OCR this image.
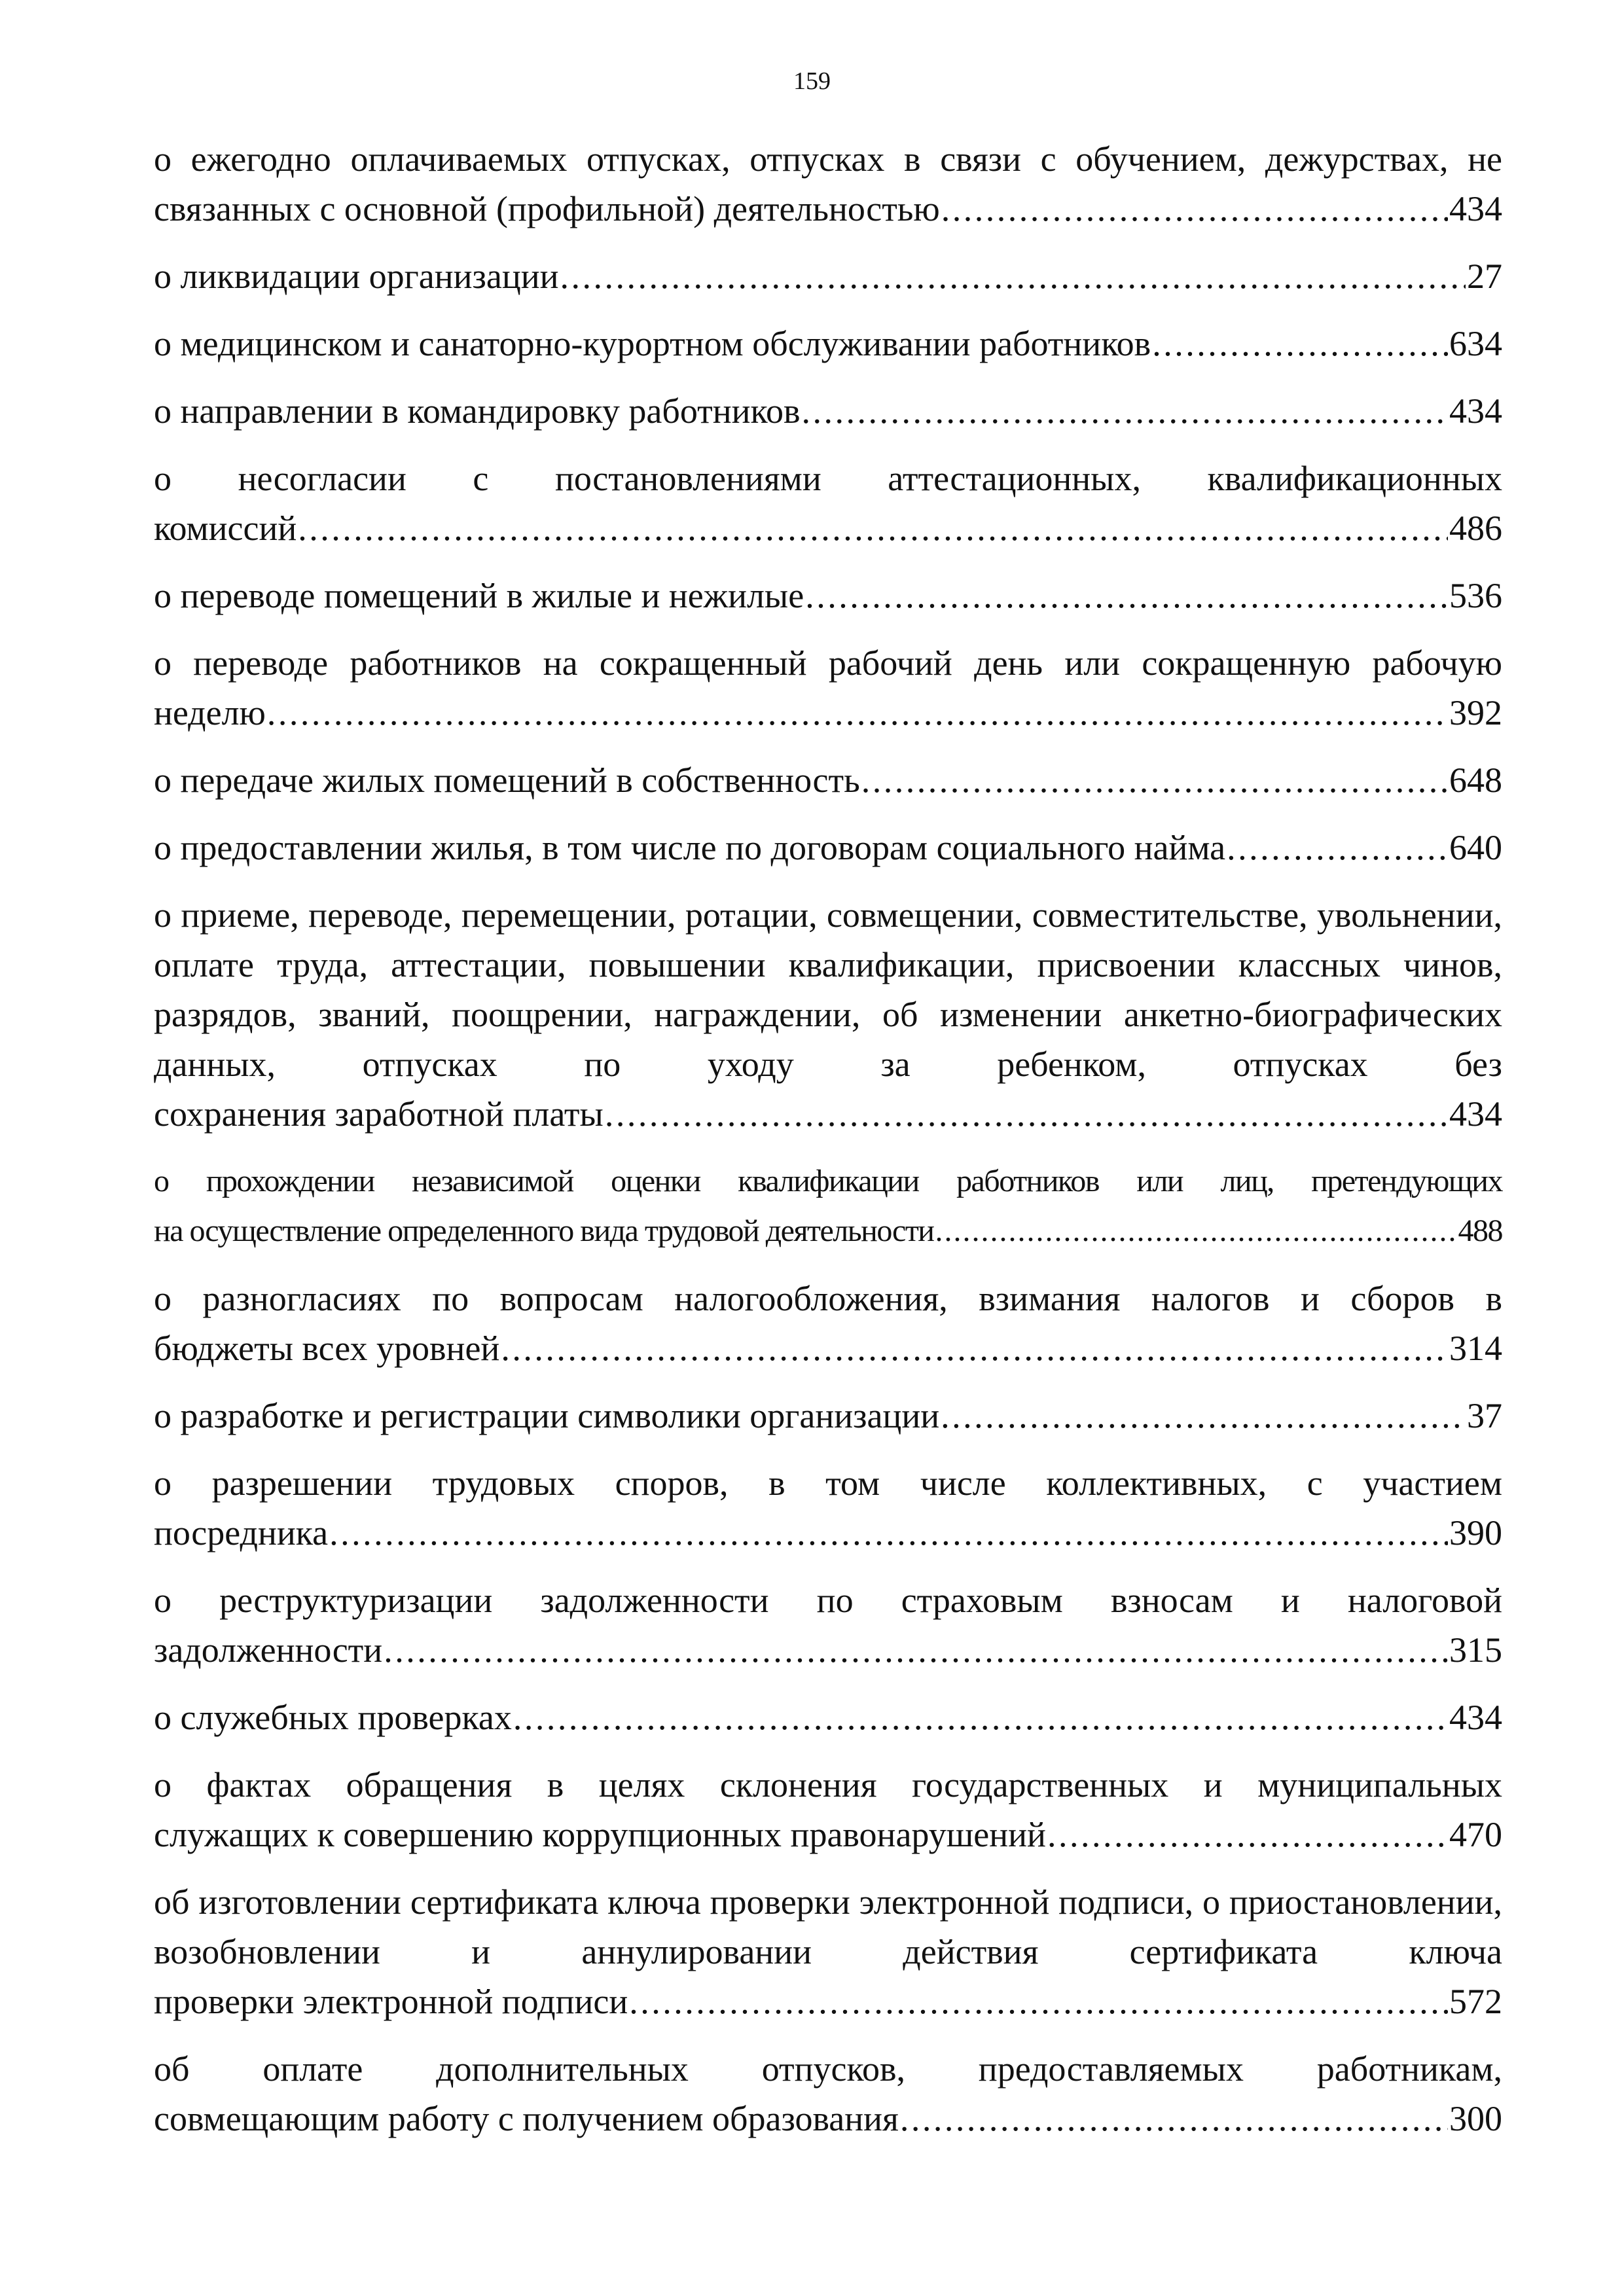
159
о ежегодно оплачиваемых отпусках, отпусках в связи с обучением, дежурствах, не
связанных с основной (профильной) деятельностью . . .	434
о ликвидации организации . . .	27
о медицинском и санаторно-курортном обслуживании работников . . .	634
о направлении в командировку работников . . .	434
о несогласии с постановлениями аттестационных, квалификационных
комиссий . . .	486
о переводе помещений в жилые и нежилые . . .	536
о переводе работников на сокращенный рабочий день или сокращенную рабочую
неделю . . .	392
о передаче жилых помещений в собственность . . .	648
о предоставлении жилья, в том числе по договорам социального найма . . .	640
о приеме, переводе, перемещении, ротации, совмещении, совместительстве, увольнении, оплате труда, аттестации, повышении квалификации, присвоении классных чинов, разрядов, званий, поощрении, награждении, об изменении анкетно-биографических данных, отпусках по уходу за ребенком, отпусках без
сохранения заработной платы . . .	434
о прохождении независимой оценки квалификации работников или лиц, претендующих
на осуществление определенного вида трудовой деятельности . . .	488
о разногласиях по вопросам налогообложения, взимания налогов и сборов в
бюджеты всех уровней . . .	314
о разработке и регистрации символики организации . . .	37
о разрешении трудовых споров, в том числе коллективных, с участием
посредника . . .	390
о реструктуризации задолженности по страховым взносам и налоговой
задолженности . . .	315
о служебных проверках . . .	434
о фактах обращения в целях склонения государственных и муниципальных
служащих к совершению коррупционных правонарушений . . .	470
об изготовлении сертификата ключа проверки электронной подписи, о приостановлении, возобновлении и аннулировании действия сертификата ключа
проверки электронной подписи . . .	572
об оплате дополнительных отпусков, предоставляемых работникам,
совмещающим работу с получением образования . . .	300
